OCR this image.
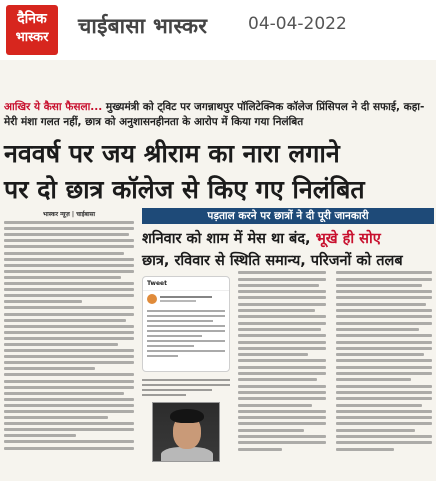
दैनिक
भास्कर	चाईबासा भास्कर 04-04-2022
आखिर ये कैसा फैसला... मुख्यमंत्री को ट्विट पर जगन्नाथपुर पॉलिटेक्निक कॉलेज प्रिंसिपल ने दी सफाई, कहा-मेरी मंशा गलत नहीं, छात्र को अनुशासनहीनता के आरोप में किया गया निलंबित
नववर्ष पर जय श्रीराम का नारा लगाने
पर दो छात्र कॉलेज से किए गए निलंबित
भास्कर न्यूज़ | चाईबासा	पड़ताल करने पर छात्रों ने दी पूरी जानकारी
शनिवार को शाम में मेस था बंद, भूखे ही सोए
छात्र, रविवार से स्थिति समान्य, परिजनों को तलब
Tweet
